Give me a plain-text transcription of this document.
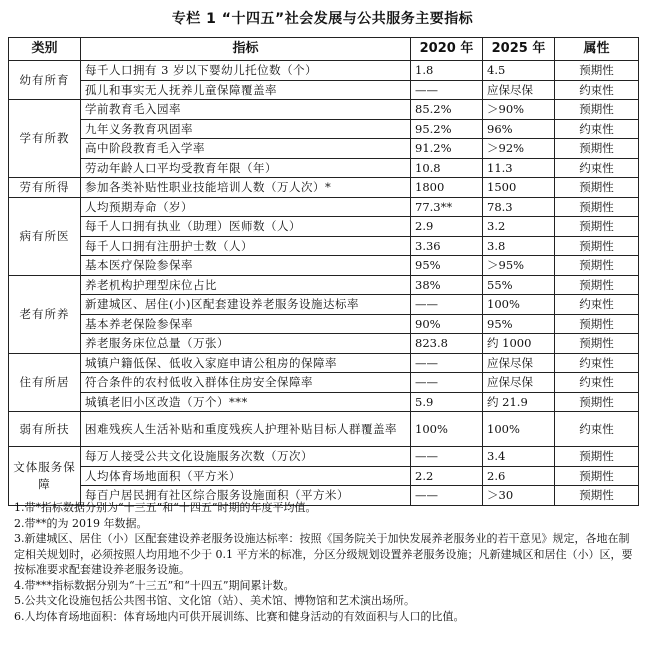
专栏 1 “十四五”社会发展与公共服务主要指标
类别	指标	2020 年	2025 年	属性
幼有所育	每千人口拥有 3 岁以下婴幼儿托位数（个）	1.8	4.5	预期性
	孤儿和事实无人抚养儿童保障覆盖率	——	应保尽保	约束性
学有所教	学前教育毛入园率	85.2%	＞90%	预期性
	九年义务教育巩固率	95.2%	96%	约束性
	高中阶段教育毛入学率	91.2%	＞92%	预期性
	劳动年龄人口平均受教育年限（年）	10.8	11.3	约束性
劳有所得	参加各类补贴性职业技能培训人数（万人次）*	1800	1500	预期性
病有所医	人均预期寿命（岁）	77.3**	78.3	预期性
	每千人口拥有执业（助理）医师数（人）	2.9	3.2	预期性
	每千人口拥有注册护士数（人）	3.36	3.8	预期性
	基本医疗保险参保率	95%	＞95%	预期性
老有所养	养老机构护理型床位占比	38%	55%	预期性
	新建城区、居住(小)区配套建设养老服务设施达标率	——	100%	约束性
	基本养老保险参保率	90%	95%	预期性
	养老服务床位总量（万张）	823.8	约 1000	预期性
住有所居	城镇户籍低保、低收入家庭申请公租房的保障率	——	应保尽保	约束性
	符合条件的农村低收入群体住房安全保障率	——	应保尽保	约束性
	城镇老旧小区改造（万个）***	5.9	约 21.9	预期性
弱有所扶	困难残疾人生活补贴和重度残疾人护理补贴目标人群覆盖率	100%	100%	约束性
文体服务保障	每万人接受公共文化设施服务次数（万次）	——	3.4	预期性
	人均体育场地面积（平方米）	2.2	2.6	预期性
	每百户居民拥有社区综合服务设施面积（平方米）	——	＞30	预期性

1.带*指标数据分别为“十三五”和“十四五”时期的年度平均值。

2.带**的为 2019 年数据。

3.新建城区、居住（小）区配套建设养老服务设施达标率：按照《国务院关于加快发展养老服务业的若干意见》规定，各地在制定相关规划时，必须按照人均用地不少于 0.1 平方米的标准，分区分级规划设置养老服务设施；凡新建城区和居住（小）区，要按标准要求配套建设养老服务设施。

4.带***指标数据分别为“十三五”和“十四五”期间累计数。

5.公共文化设施包括公共图书馆、文化馆（站）、美术馆、博物馆和艺术演出场所。

6.人均体育场地面积：体育场地内可供开展训练、比赛和健身活动的有效面积与人口的比值。
